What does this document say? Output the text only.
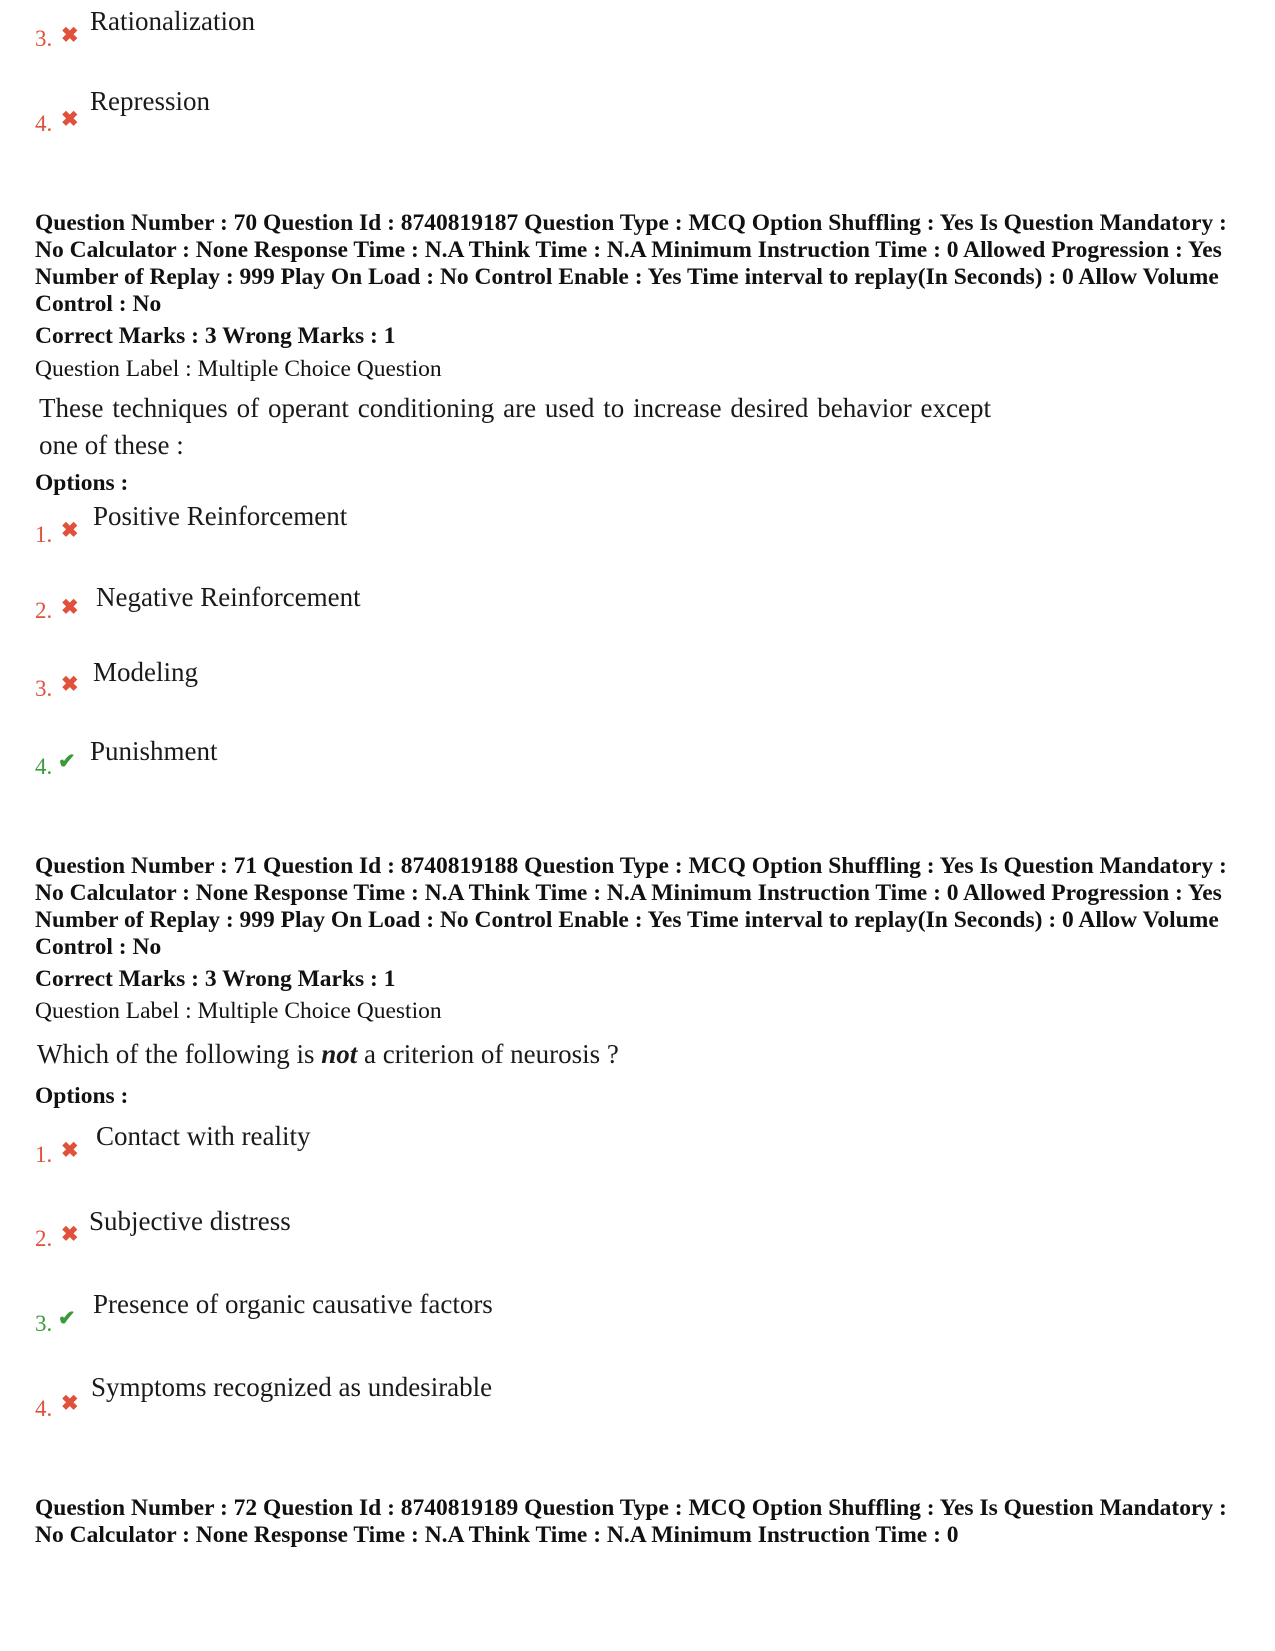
3. ✖ Rationalization
4. ✖
Repression
Question Number : 70 Question Id : 8740819187 Question Type : MCQ Option Shuffling : Yes Is Question Mandatory : No Calculator : None Response Time : N.A Think Time : N.A Minimum Instruction Time : 0 Allowed Progression : Yes Number of Replay : 999 Play On Load : No Control Enable : Yes Time interval to replay(In Seconds) : 0 Allow Volume Control : No
Correct Marks : 3 Wrong Marks : 1
Question Label : Multiple Choice Question
These techniques of operant conditioning are used to increase desired behavior except
one of these :
Options :
1. ✖ Positive Reinforcement
2. ✖ Negative Reinforcement
3. ✖ Modeling
4. ✔ Punishment
Question Number : 71 Question Id : 8740819188 Question Type : MCQ Option Shuffling : Yes Is Question Mandatory : No Calculator : None Response Time : N.A Think Time : N.A Minimum Instruction Time : 0 Allowed Progression : Yes Number of Replay : 999 Play On Load : No Control Enable : Yes Time interval to replay(In Seconds) : 0 Allow Volume Control : No
Correct Marks : 3 Wrong Marks : 1
Question Label : Multiple Choice Question
Which of the following is not a criterion of neurosis ?
Options :
1. ✖ Contact with reality
2. ✖ Subjective distress
3. ✔ Presence of organic causative factors
4. ✖
Symptoms recognized as undesirable
Question Number : 72 Question Id : 8740819189 Question Type : MCQ Option Shuffling : Yes Is Question Mandatory : No Calculator : None Response Time : N.A Think Time : N.A Minimum Instruction Time : 0
